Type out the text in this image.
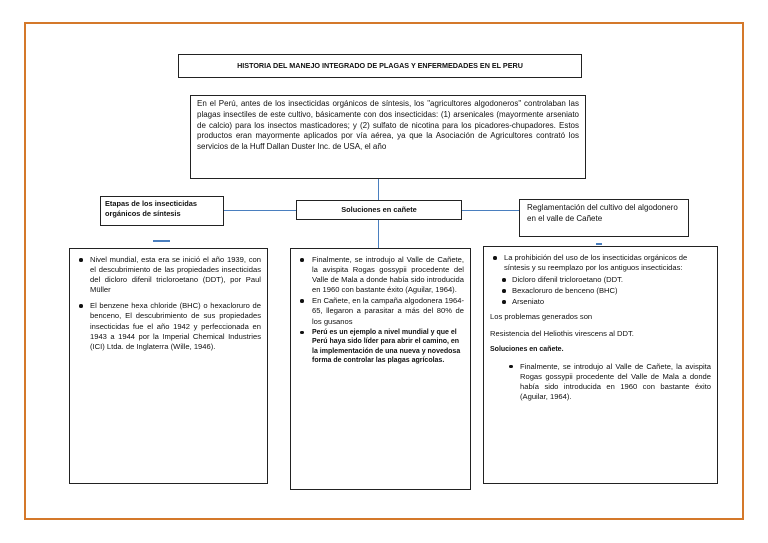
HISTORIA DEL MANEJO INTEGRADO DE PLAGAS Y ENFERMEDADES EN EL PERU
En el Perú, antes de los insecticidas orgánicos de síntesis, los "agricultores algodoneros" controlaban las plagas insectiles de este cultivo, básicamente con dos insecticidas: (1) arsenicales (mayormente arseniato de calcio) para los insectos masticadores; y (2) sulfato de nicotina para los picadores-chupadores. Estos productos eran mayormente aplicados por vía aérea, ya que la Asociación de Agricultores contrató los servicios de la Huff Dallan Duster Inc. de USA, el año
Etapas de los insecticidas orgánicos de síntesis	Soluciones en cañete	Reglamentación del cultivo del algodonero en el valle de Cañete
Nivel mundial, esta era se inició el año 1939, con el descubrimiento de las propiedades insecticidas del dicloro difenil tricloroetano (DDT), por Paul Müller
El benzene hexa chloride (BHC) o hexacloruro de benceno, El descubrimiento de sus propiedades insecticidas fue el año 1942 y perfeccionada en 1943 a 1944 por la Imperial Chemical Industries (ICI) Ltda. de Inglaterra (Wille, 1946).
Finalmente, se introdujo al Valle de Cañete, la avispita Rogas gossypii procedente del Valle de Mala a donde había sido introducida en 1960 con bastante éxito (Aguilar, 1964).
En Cañete, en la campaña algodonera 1964-65, llegaron a parasitar a más del 80% de los gusanos
Perú es un ejemplo a nivel mundial y que el Perú haya sido líder para abrir el camino, en la implementación de una nueva y novedosa forma de controlar las plagas agrícolas.
La prohibición del uso de los insecticidas orgánicos de síntesis y su reemplazo por los antiguos insecticidas:
Dicloro difenil tricloroetano (DDT.
Bexacloruro de benceno (BHC)
Arseniato

Los problemas generados son

Resistencia del Heliothis virescens al DDT.

Soluciones en cañete.

Finalmente, se introdujo al Valle de Cañete, la avispita Rogas gossypii procedente del Valle de Mala a donde había sido introducida en 1960 con bastante éxito (Aguilar, 1964).
